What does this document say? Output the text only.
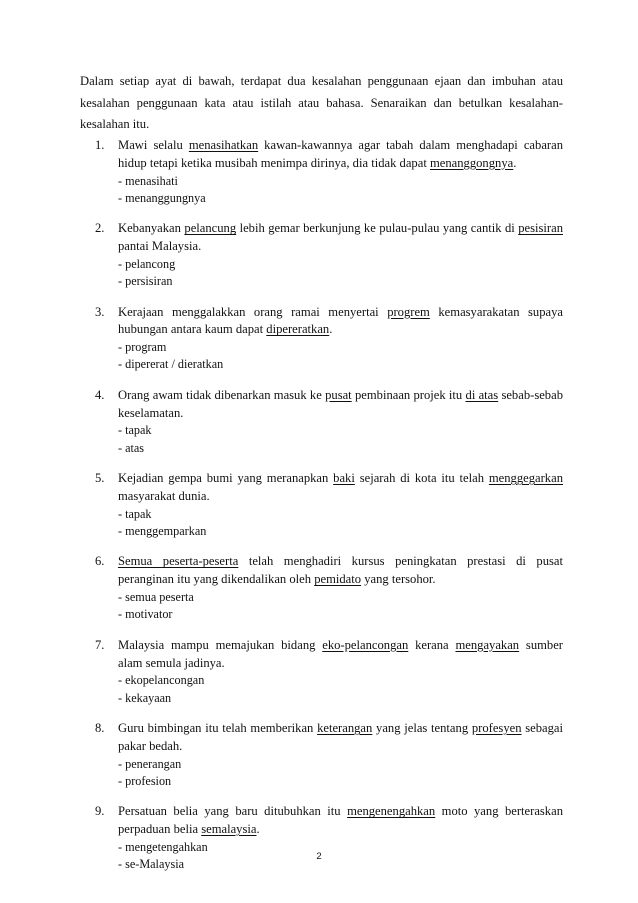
Dalam setiap ayat di bawah, terdapat dua kesalahan penggunaan ejaan dan imbuhan atau kesalahan penggunaan kata atau istilah atau bahasa. Senaraikan dan betulkan kesalahan-kesalahan itu.
1. Mawi selalu menasihatkan kawan-kawannya agar tabah dalam menghadapi cabaran hidup tetapi ketika musibah menimpa dirinya, dia tidak dapat menanggongnya.
- menasihati
- menanggungnya
2. Kebanyakan pelancung lebih gemar berkunjung ke pulau-pulau yang cantik di pesisiran pantai Malaysia.
- pelancong
- persisiran
3. Kerajaan menggalakkan orang ramai menyertai progrem kemasyarakatan supaya hubungan antara kaum dapat dipereratkan.
- program
- dipererat / dieratkan
4. Orang awam tidak dibenarkan masuk ke pusat pembinaan projek itu di atas sebab-sebab keselamatan.
- tapak
- atas
5. Kejadian gempa bumi yang meranapkan baki sejarah di kota itu telah menggegarkan masyarakat dunia.
- tapak
- menggemparkan
6. Semua peserta-peserta telah menghadiri kursus peningkatan prestasi di pusat peranginan itu yang dikendalikan oleh pemidato yang tersohor.
- semua peserta
- motivator
7. Malaysia mampu memajukan bidang eko-pelancongan kerana mengayakan sumber alam semula jadinya.
- ekopelancongan
- kekayaan
8. Guru bimbingan itu telah memberikan keterangan yang jelas tentang profesyen sebagai pakar bedah.
- penerangan
- profesion
9. Persatuan belia yang baru ditubuhkan itu mengenengahkan moto yang berteraskan perpaduan belia semalaysia.
- mengetengahkan
- se-Malaysia
2
